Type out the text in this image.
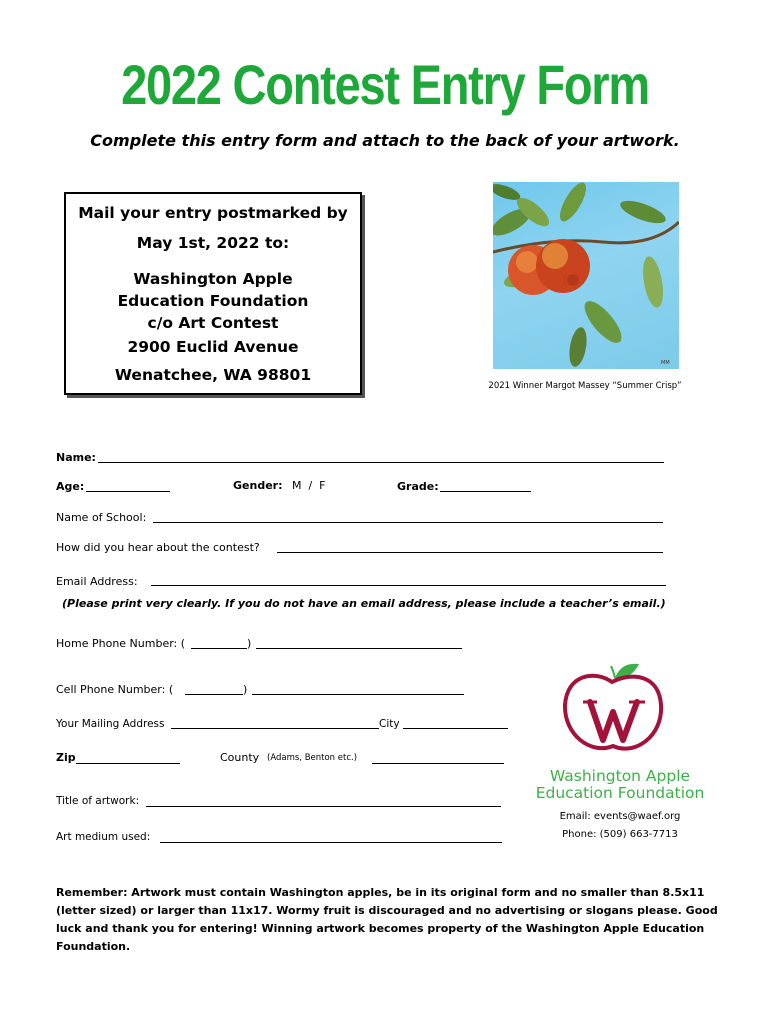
2022 Contest Entry Form
Complete this entry form and attach to the back of your artwork.
Mail your entry postmarked by
May 1st, 2022 to:
Washington Apple
Education Foundation
c/o Art Contest
2900 Euclid Avenue
Wenatchee, WA 98801
MM
2021 Winner Margot Massey “Summer Crisp”
Name:
Age:	Gender: M  /  F	Grade:
Name of School:
How did you hear about the contest?
Email Address:
(Please print very clearly. If you do not have an email address, please include a teacher’s email.)
Home Phone Number: (	)
Cell Phone Number: (	)
Your Mailing Address	City
Zip	County (Adams, Benton etc.)
Title of artwork:
Art medium used:
Washington Apple
Education Foundation
Email: events@waef.org
Phone: (509) 663-7713
Remember: Artwork must contain Washington apples, be in its original form and no smaller than 8.5x11 (letter sized) or larger than 11x17. Wormy fruit is discouraged and no advertising or slogans please. Good luck and thank you for entering! Winning artwork becomes property of the Washington Apple Education Foundation.
